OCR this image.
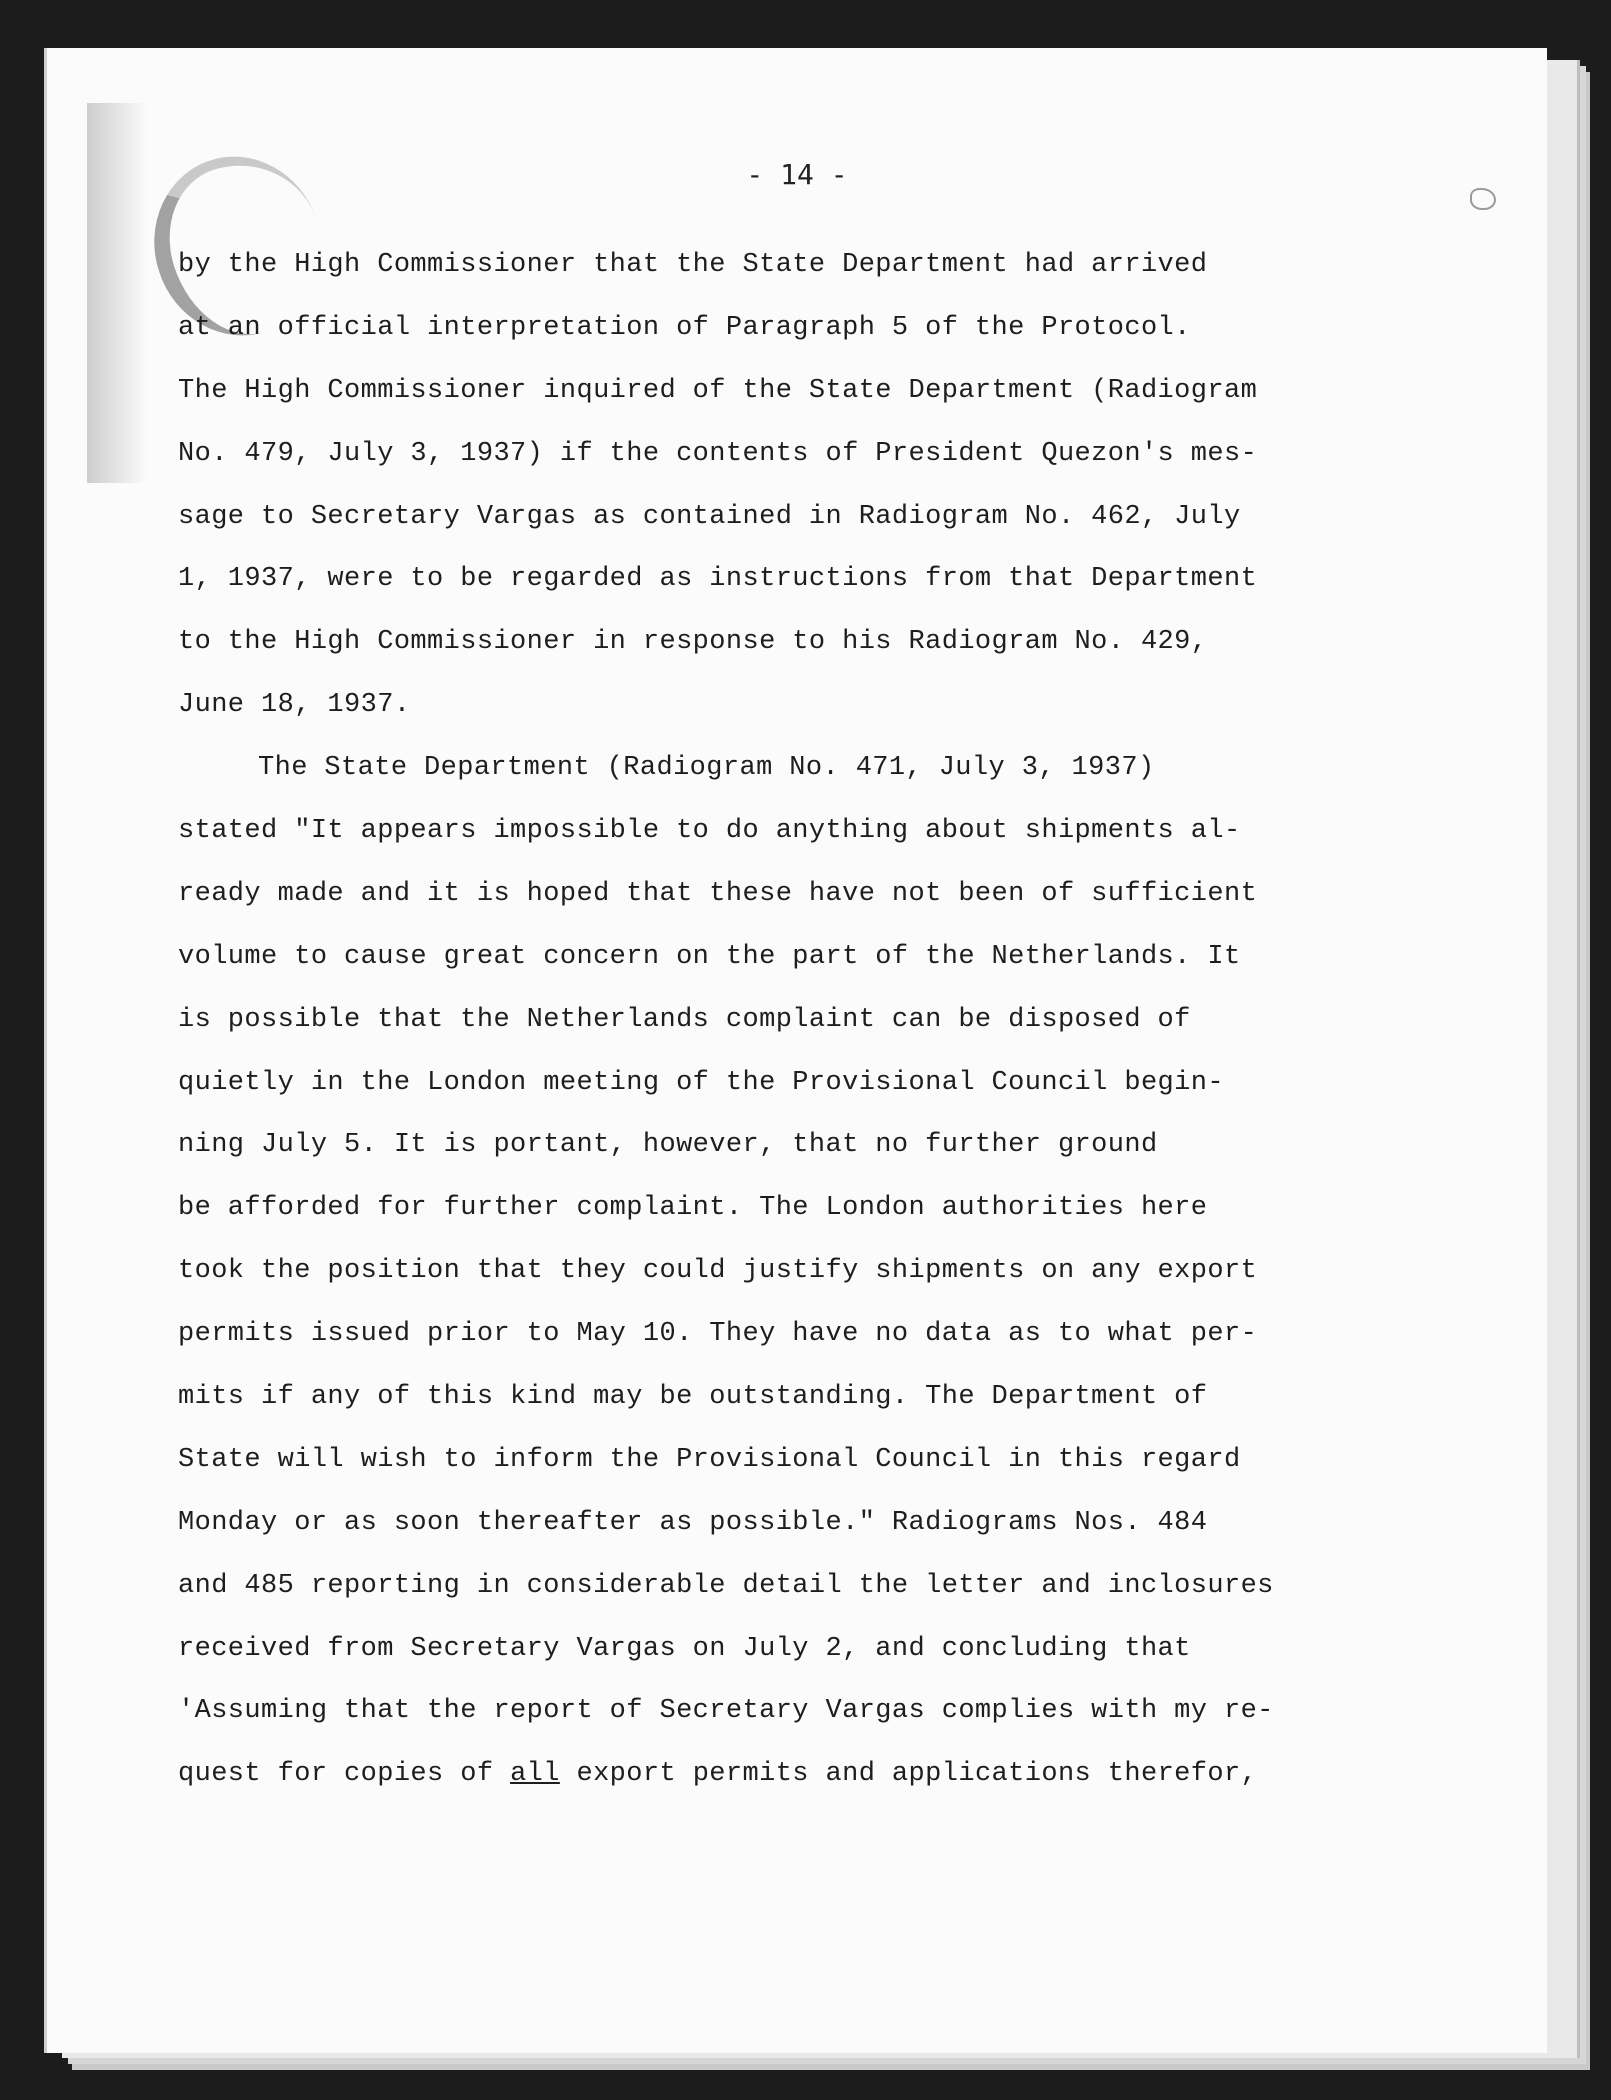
- 14 -
by the High Commissioner that the State Department had arrived
at an official interpretation of Paragraph 5 of the Protocol.
The High Commissioner inquired of the State Department (Radiogram
No. 479, July 3, 1937) if the contents of President Quezon's mes-
sage to Secretary Vargas as contained in Radiogram No. 462, July
1, 1937, were to be regarded as instructions from that Department
to the High Commissioner in response to his Radiogram No. 429,
June 18, 1937.
The State Department (Radiogram No. 471, July 3, 1937)
stated "It appears impossible to do anything about shipments al-
ready made and it is hoped that these have not been of sufficient
volume to cause great concern on the part of the Netherlands. It
is possible that the Netherlands complaint can be disposed of
quietly in the London meeting of the Provisional Council begin-
ning July 5. It is portant, however, that no further ground
be afforded for further complaint. The London authorities here
took the position that they could justify shipments on any export
permits issued prior to May 10. They have no data as to what per-
mits if any of this kind may be outstanding. The Department of
State will wish to inform the Provisional Council in this regard
Monday or as soon thereafter as possible." Radiograms Nos. 484
and 485 reporting in considerable detail the letter and inclosures
received from Secretary Vargas on July 2, and concluding that
'Assuming that the report of Secretary Vargas complies with my re-
quest for copies of all export permits and applications therefor,
